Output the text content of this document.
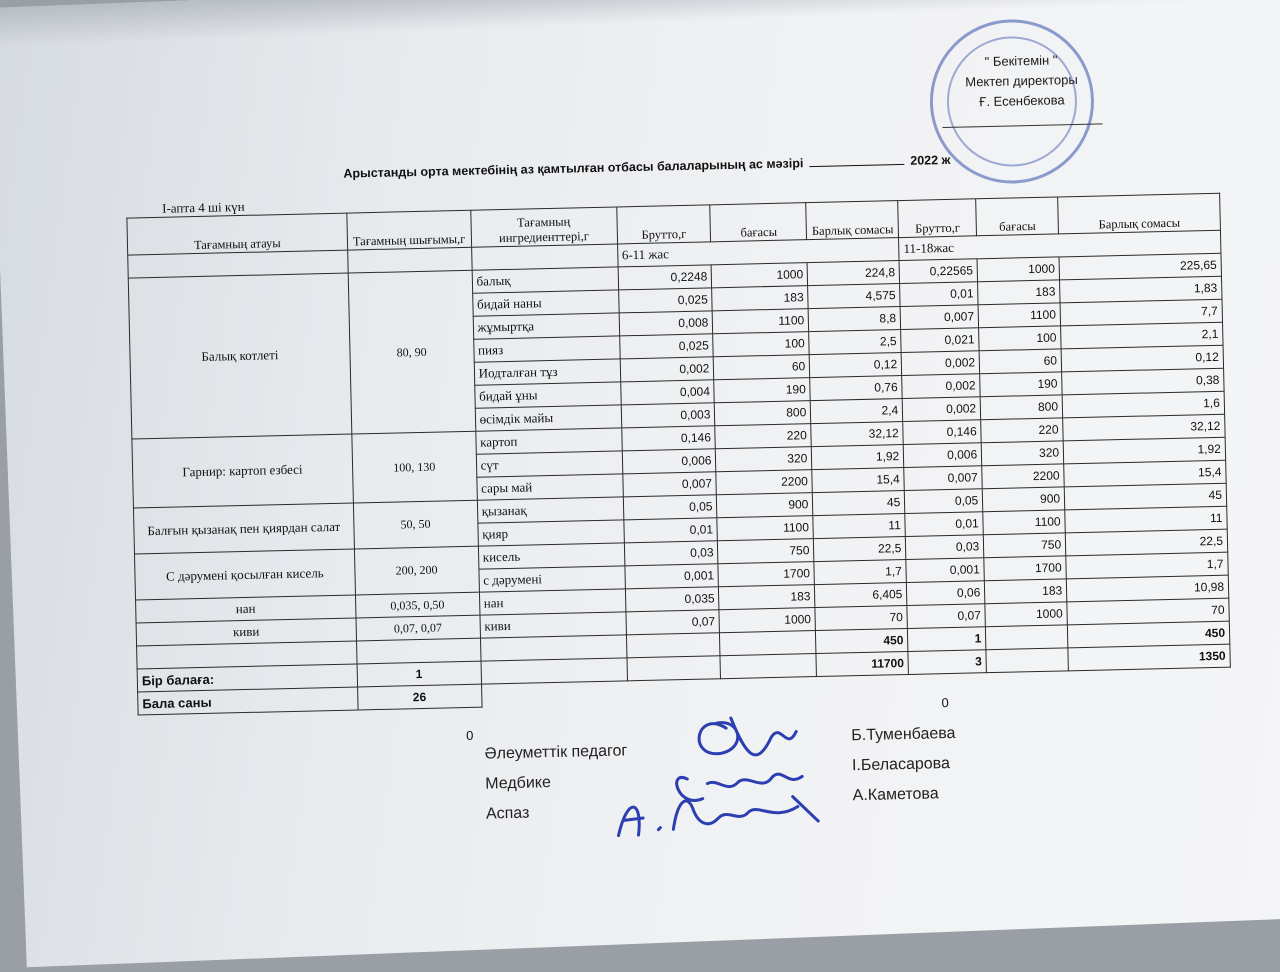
" Бекітемін "
Мектеп директоры
Ғ. Есенбекова
Арыстанды орта мектебінің аз қамтылған отбасы балаларының ас мәзірі	2022 ж
I-апта 4 ші күн
Тағамның атауы	Тағамның шығымы,г	Тағамның ингредиенттері,г	Брутто,г	бағасы	Барлық сомасы	Брутто,г	бағасы	Барлық сомасы
			6-11 жас			11-18жас		
Балық котлеті	80, 90	балық	0,2248	1000	224,8	0,22565	1000	225,65
		бидай наны	0,025	183	4,575	0,01	183	1,83
		жұмыртқа	0,008	1100	8,8	0,007	1100	7,7
		пияз	0,025	100	2,5	0,021	100	2,1
		Иодталған тұз	0,002	60	0,12	0,002	60	0,12
		бидай ұны	0,004	190	0,76	0,002	190	0,38
		өсімдік майы	0,003	800	2,4	0,002	800	1,6
Гарнир: картоп езбесі	100, 130	картоп	0,146	220	32,12	0,146	220	32,12
		сүт	0,006	320	1,92	0,006	320	1,92
		сары май	0,007	2200	15,4	0,007	2200	15,4
Балғын қызанақ пен қиярдан салат	50, 50	қызанақ	0,05	900	45	0,05	900	45
		қияр	0,01	1100	11	0,01	1100	11
С дәрумені қосылған кисель	200, 200	кисель	0,03	750	22,5	0,03	750	22,5
		с дәрумені	0,001	1700	1,7	0,001	1700	1,7
нан	0,035, 0,50	нан	0,035	183	6,405	0,06	183	10,98
киви	0,07, 0,07	киви	0,07	1000	70	0,07	1000	70
					450	1		450
Бір балаға:	1				11700	3		1350
Бала саны	26							
0
0
Әлеуметтік педагог
Медбике
Аспаз
Б.Туменбаева
І.Беласарова
А.Каметова
